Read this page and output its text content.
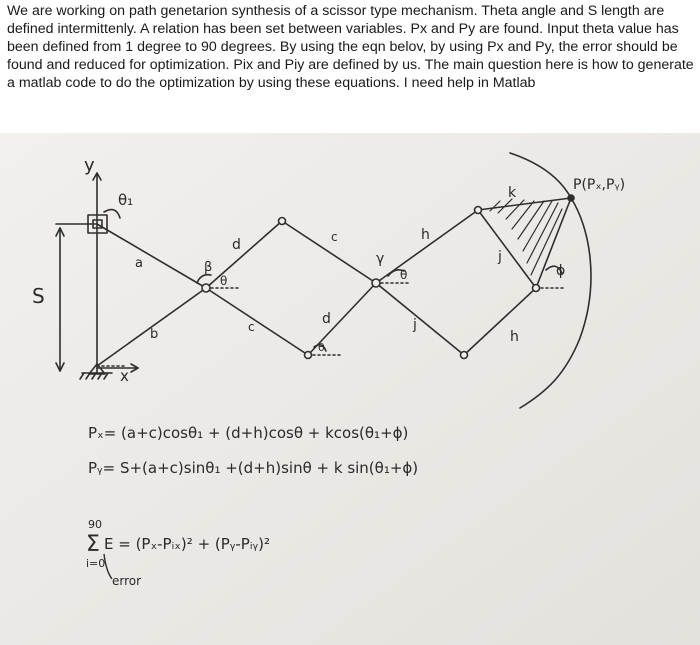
We are working on path genetarion synthesis of a scissor type mechanism. Theta angle and S length are defined intermittenly. A relation has been set between variables. Px and Py are found. Input theta value has been defined from 1 degree to 90 degrees. By using the eqn belov, by using Px and Py, the error should be found and reduced for optimization. Pix and Piy are defined by us. The main question here is how to generate a matlab code to do the optimization by using these equations. I need help in Matlab

y
x
S
θ₁
a
b
β
θ
d
c
c
d
θ
γ
θ
h
j
k
j
h
ϕ
P(Pₓ,Pᵧ)
Pₓ= (a+c)cosθ₁ + (d+h)cosθ + kcos(θ₁+ϕ)
Pᵧ= S+(a+c)sinθ₁ +(d+h)sinθ + k sin(θ₁+ϕ)
90
Σ E = (Pₓ-Pᵢₓ)² + (Pᵧ-Pᵢᵧ)²
i=0
error
